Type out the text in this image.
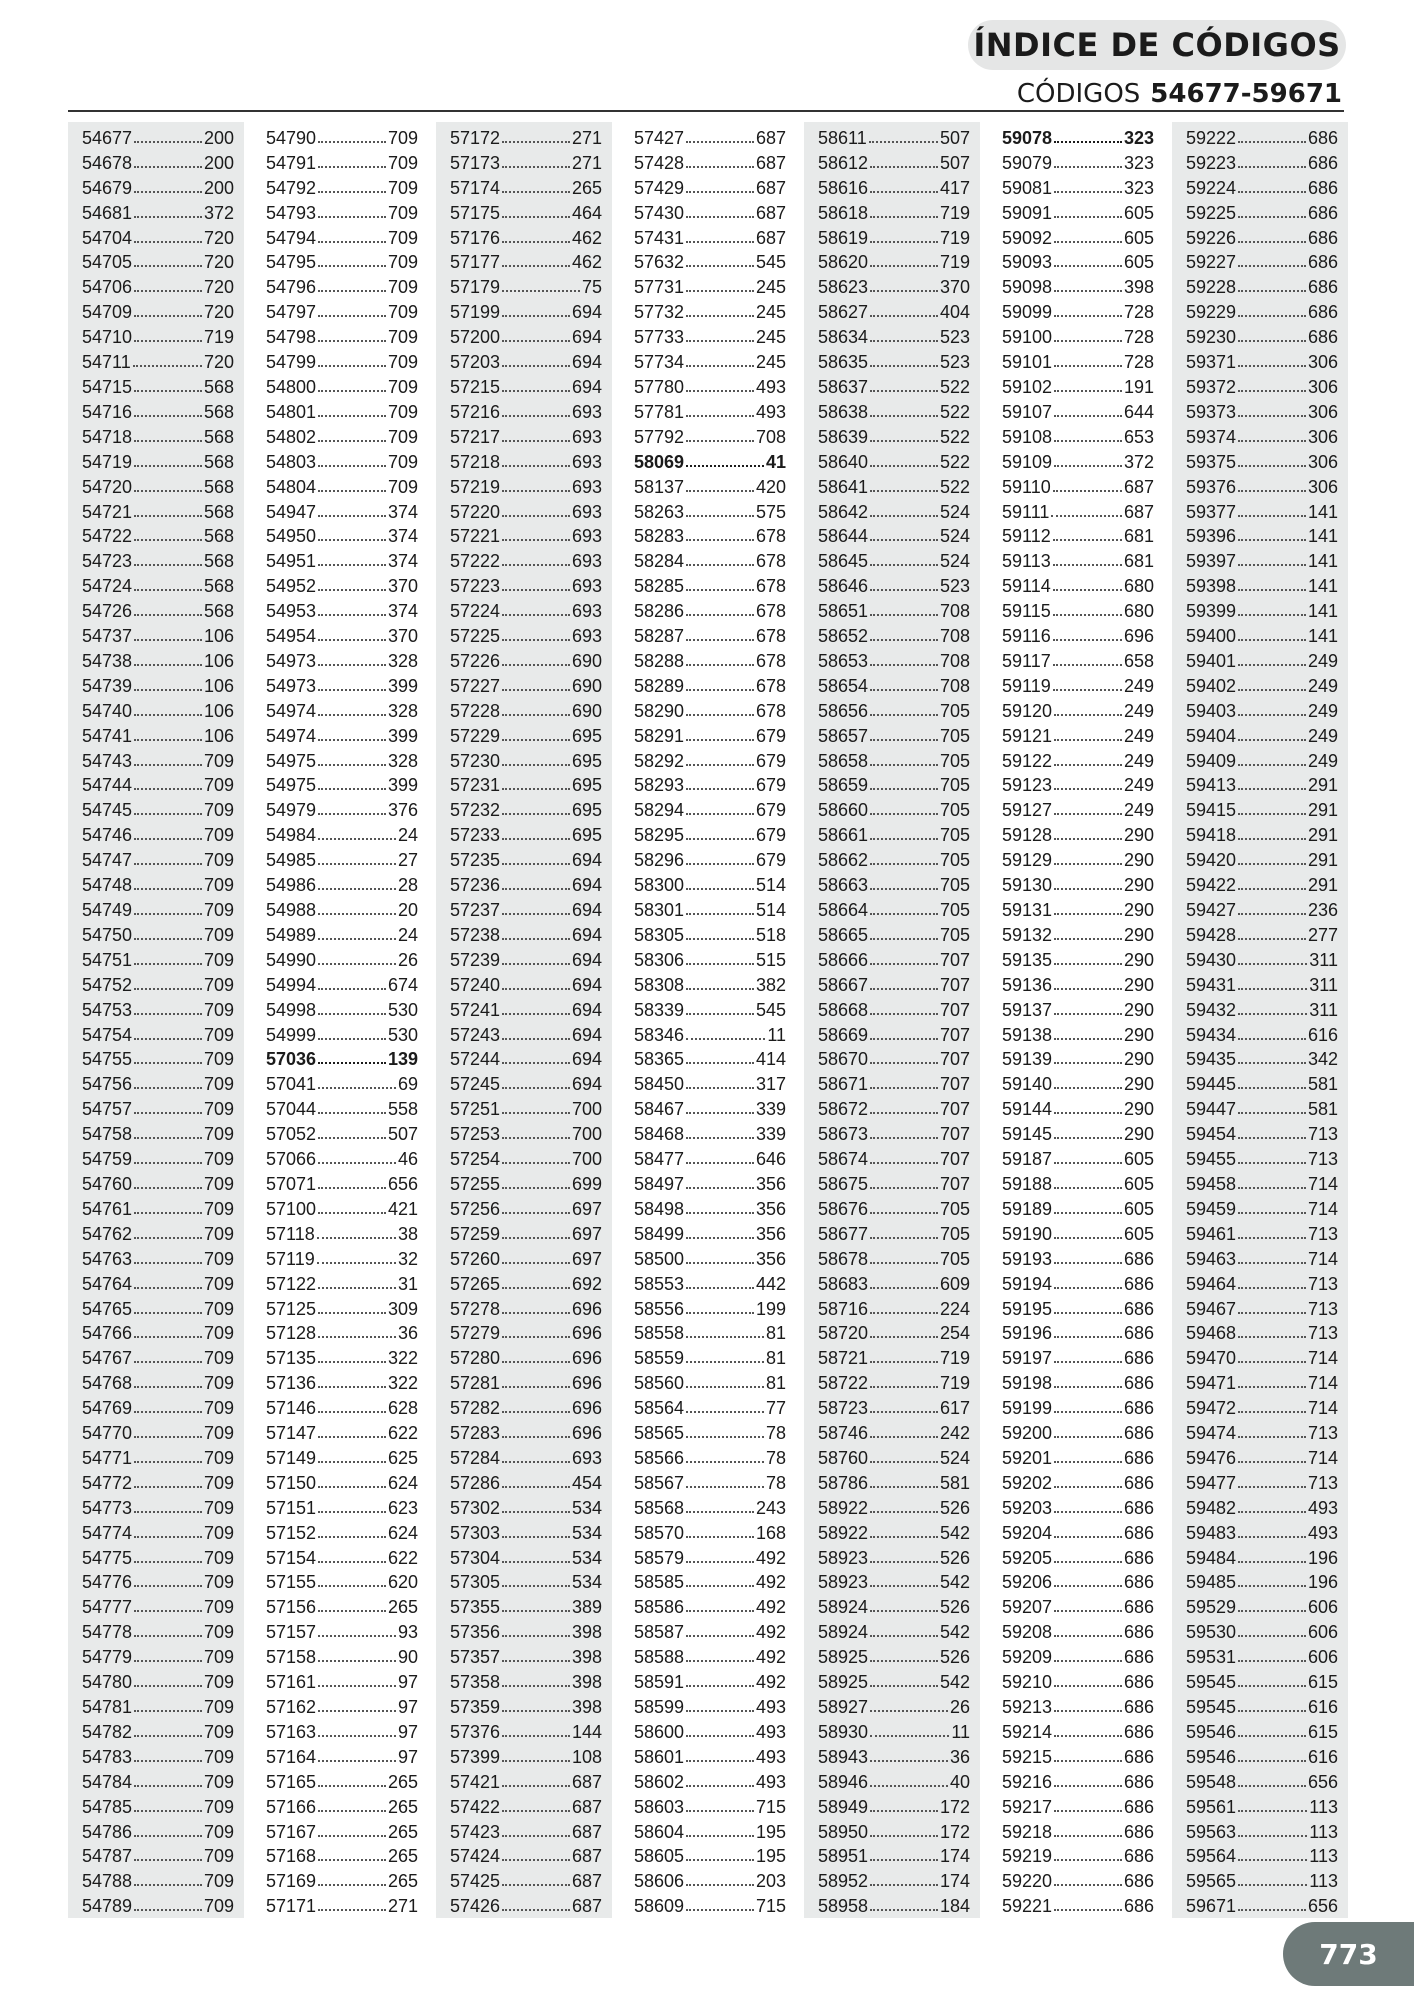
ÍNDICE DE CÓDIGOS
CÓDIGOS 54677-59671
54677	200
54678	200
54679	200
54681	372
54704	720
54705	720
54706	720
54709	720
54710	719
54711	720
54715	568
54716	568
54718	568
54719	568
54720	568
54721	568
54722	568
54723	568
54724	568
54726	568
54737	106
54738	106
54739	106
54740	106
54741	106
54743	709
54744	709
54745	709
54746	709
54747	709
54748	709
54749	709
54750	709
54751	709
54752	709
54753	709
54754	709
54755	709
54756	709
54757	709
54758	709
54759	709
54760	709
54761	709
54762	709
54763	709
54764	709
54765	709
54766	709
54767	709
54768	709
54769	709
54770	709
54771	709
54772	709
54773	709
54774	709
54775	709
54776	709
54777	709
54778	709
54779	709
54780	709
54781	709
54782	709
54783	709
54784	709
54785	709
54786	709
54787	709
54788	709
54789	709
54790	709
54791	709
54792	709
54793	709
54794	709
54795	709
54796	709
54797	709
54798	709
54799	709
54800	709
54801	709
54802	709
54803	709
54804	709
54947	374
54950	374
54951	374
54952	370
54953	374
54954	370
54973	328
54973	399
54974	328
54974	399
54975	328
54975	399
54979	376
54984	24
54985	27
54986	28
54988	20
54989	24
54990	26
54994	674
54998	530
54999	530
57036	139
57041	69
57044	558
57052	507
57066	46
57071	656
57100	421
57118	38
57119	32
57122	31
57125	309
57128	36
57135	322
57136	322
57146	628
57147	622
57149	625
57150	624
57151	623
57152	624
57154	622
57155	620
57156	265
57157	93
57158	90
57161	97
57162	97
57163	97
57164	97
57165	265
57166	265
57167	265
57168	265
57169	265
57171	271
57172	271
57173	271
57174	265
57175	464
57176	462
57177	462
57179	75
57199	694
57200	694
57203	694
57215	694
57216	693
57217	693
57218	693
57219	693
57220	693
57221	693
57222	693
57223	693
57224	693
57225	693
57226	690
57227	690
57228	690
57229	695
57230	695
57231	695
57232	695
57233	695
57235	694
57236	694
57237	694
57238	694
57239	694
57240	694
57241	694
57243	694
57244	694
57245	694
57251	700
57253	700
57254	700
57255	699
57256	697
57259	697
57260	697
57265	692
57278	696
57279	696
57280	696
57281	696
57282	696
57283	696
57284	693
57286	454
57302	534
57303	534
57304	534
57305	534
57355	389
57356	398
57357	398
57358	398
57359	398
57376	144
57399	108
57421	687
57422	687
57423	687
57424	687
57425	687
57426	687
57427	687
57428	687
57429	687
57430	687
57431	687
57632	545
57731	245
57732	245
57733	245
57734	245
57780	493
57781	493
57792	708
58069	41
58137	420
58263	575
58283	678
58284	678
58285	678
58286	678
58287	678
58288	678
58289	678
58290	678
58291	679
58292	679
58293	679
58294	679
58295	679
58296	679
58300	514
58301	514
58305	518
58306	515
58308	382
58339	545
58346	11
58365	414
58450	317
58467	339
58468	339
58477	646
58497	356
58498	356
58499	356
58500	356
58553	442
58556	199
58558	81
58559	81
58560	81
58564	77
58565	78
58566	78
58567	78
58568	243
58570	168
58579	492
58585	492
58586	492
58587	492
58588	492
58591	492
58599	493
58600	493
58601	493
58602	493
58603	715
58604	195
58605	195
58606	203
58609	715
58611	507
58612	507
58616	417
58618	719
58619	719
58620	719
58623	370
58627	404
58634	523
58635	523
58637	522
58638	522
58639	522
58640	522
58641	522
58642	524
58644	524
58645	524
58646	523
58651	708
58652	708
58653	708
58654	708
58656	705
58657	705
58658	705
58659	705
58660	705
58661	705
58662	705
58663	705
58664	705
58665	705
58666	707
58667	707
58668	707
58669	707
58670	707
58671	707
58672	707
58673	707
58674	707
58675	707
58676	705
58677	705
58678	705
58683	609
58716	224
58720	254
58721	719
58722	719
58723	617
58746	242
58760	524
58786	581
58922	526
58922	542
58923	526
58923	542
58924	526
58924	542
58925	526
58925	542
58927	26
58930	11
58943	36
58946	40
58949	172
58950	172
58951	174
58952	174
58958	184
59078	323
59079	323
59081	323
59091	605
59092	605
59093	605
59098	398
59099	728
59100	728
59101	728
59102	191
59107	644
59108	653
59109	372
59110	687
59111	687
59112	681
59113	681
59114	680
59115	680
59116	696
59117	658
59119	249
59120	249
59121	249
59122	249
59123	249
59127	249
59128	290
59129	290
59130	290
59131	290
59132	290
59135	290
59136	290
59137	290
59138	290
59139	290
59140	290
59144	290
59145	290
59187	605
59188	605
59189	605
59190	605
59193	686
59194	686
59195	686
59196	686
59197	686
59198	686
59199	686
59200	686
59201	686
59202	686
59203	686
59204	686
59205	686
59206	686
59207	686
59208	686
59209	686
59210	686
59213	686
59214	686
59215	686
59216	686
59217	686
59218	686
59219	686
59220	686
59221	686
59222	686
59223	686
59224	686
59225	686
59226	686
59227	686
59228	686
59229	686
59230	686
59371	306
59372	306
59373	306
59374	306
59375	306
59376	306
59377	141
59396	141
59397	141
59398	141
59399	141
59400	141
59401	249
59402	249
59403	249
59404	249
59409	249
59413	291
59415	291
59418	291
59420	291
59422	291
59427	236
59428	277
59430	311
59431	311
59432	311
59434	616
59435	342
59445	581
59447	581
59454	713
59455	713
59458	714
59459	714
59461	713
59463	714
59464	713
59467	713
59468	713
59470	714
59471	714
59472	714
59474	713
59476	714
59477	713
59482	493
59483	493
59484	196
59485	196
59529	606
59530	606
59531	606
59545	615
59545	616
59546	615
59546	616
59548	656
59561	113
59563	113
59564	113
59565	113
59671	656
773
